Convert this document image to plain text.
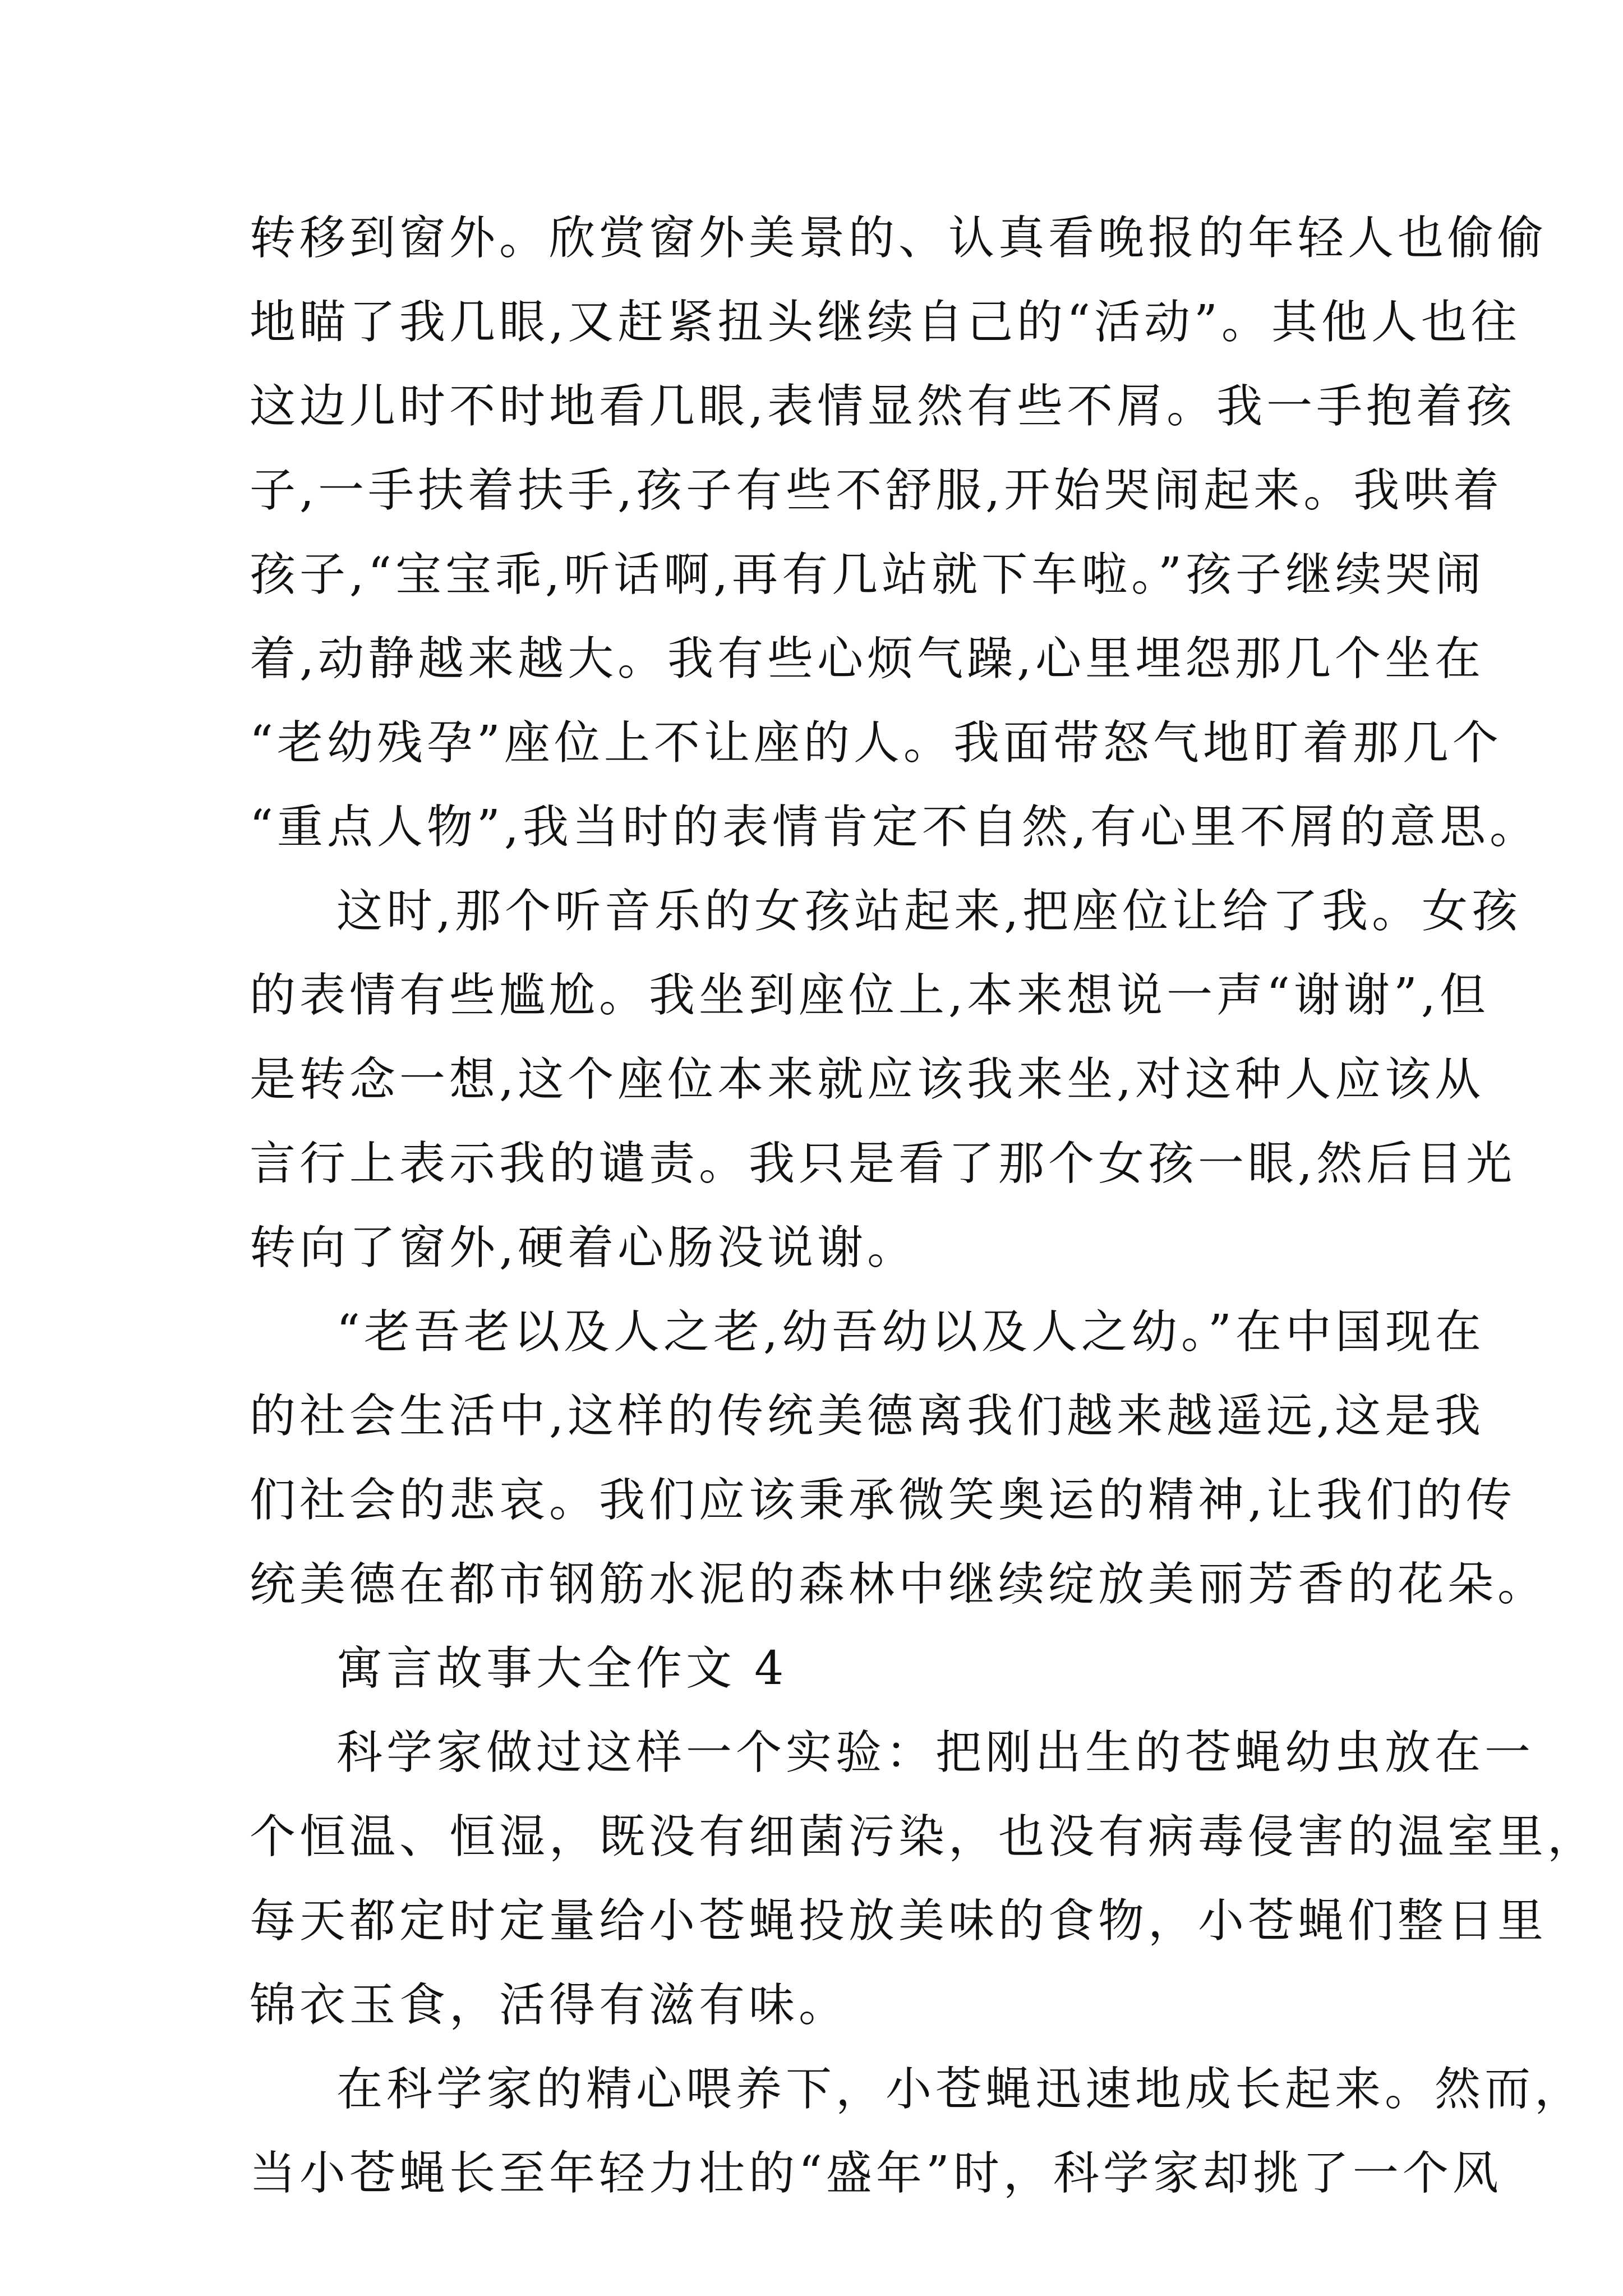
转移到窗外。欣赏窗外美景的、认真看晚报的年轻人也偷偷
地瞄了我几眼,又赶紧扭头继续自己的“活动”。其他人也往
这边儿时不时地看几眼,表情显然有些不屑。我一手抱着孩
子,一手扶着扶手,孩子有些不舒服,开始哭闹起来。我哄着
孩子,“宝宝乖,听话啊,再有几站就下车啦。”孩子继续哭闹
着,动静越来越大。我有些心烦气躁,心里埋怨那几个坐在
“老幼残孕”座位上不让座的人。我面带怒气地盯着那几个
“重点人物”,我当时的表情肯定不自然,有心里不屑的意思。
这时,那个听音乐的女孩站起来,把座位让给了我。女孩
的表情有些尴尬。我坐到座位上,本来想说一声“谢谢”,但
是转念一想,这个座位本来就应该我来坐,对这种人应该从
言行上表示我的谴责。我只是看了那个女孩一眼,然后目光
转向了窗外,硬着心肠没说谢。
“老吾老以及人之老,幼吾幼以及人之幼。”在中国现在
的社会生活中,这样的传统美德离我们越来越遥远,这是我
们社会的悲哀。我们应该秉承微笑奥运的精神,让我们的传
统美德在都市钢筋水泥的森林中继续绽放美丽芳香的花朵。
寓言故事大全作文 4
科学家做过这样一个实验：把刚出生的苍蝇幼虫放在一
个恒温、恒湿，既没有细菌污染，也没有病毒侵害的温室里，
每天都定时定量给小苍蝇投放美味的食物，小苍蝇们整日里
锦衣玉食，活得有滋有味。
在科学家的精心喂养下，小苍蝇迅速地成长起来。然而，
当小苍蝇长至年轻力壮的“盛年”时，科学家却挑了一个风
